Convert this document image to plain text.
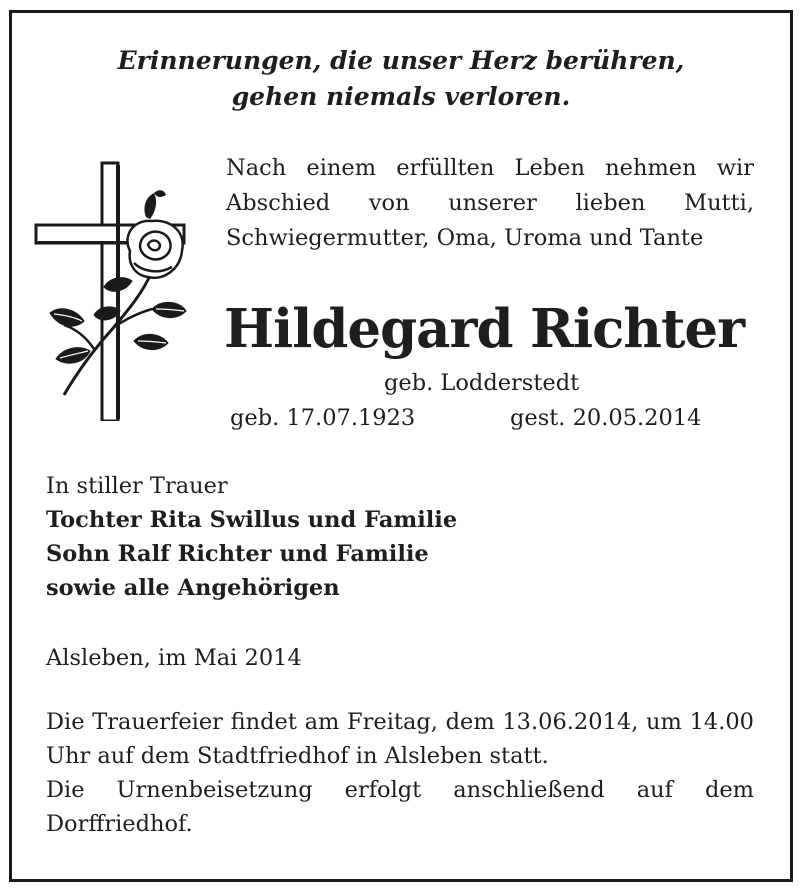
Erinnerungen, die unser Herz berühren,
gehen niemals verloren.
Nach einem erfüllten Leben nehmen wir Abschied von unserer lieben Mutti, Schwiegermutter, Oma, Uroma und Tante
Hildegard Richter
geb. Lodderstedt
geb. 17.07.1923	gest. 20.05.2014
In stiller Trauer
Tochter Rita Swillus und Familie
Sohn Ralf Richter und Familie
sowie alle Angehörigen
Alsleben, im Mai 2014
Die Trauerfeier findet am Freitag, dem 13.06.2014, um 14.00 Uhr auf dem Stadtfriedhof in Alsleben statt.
Die Urnenbeisetzung erfolgt anschließend auf dem Dorffriedhof.
